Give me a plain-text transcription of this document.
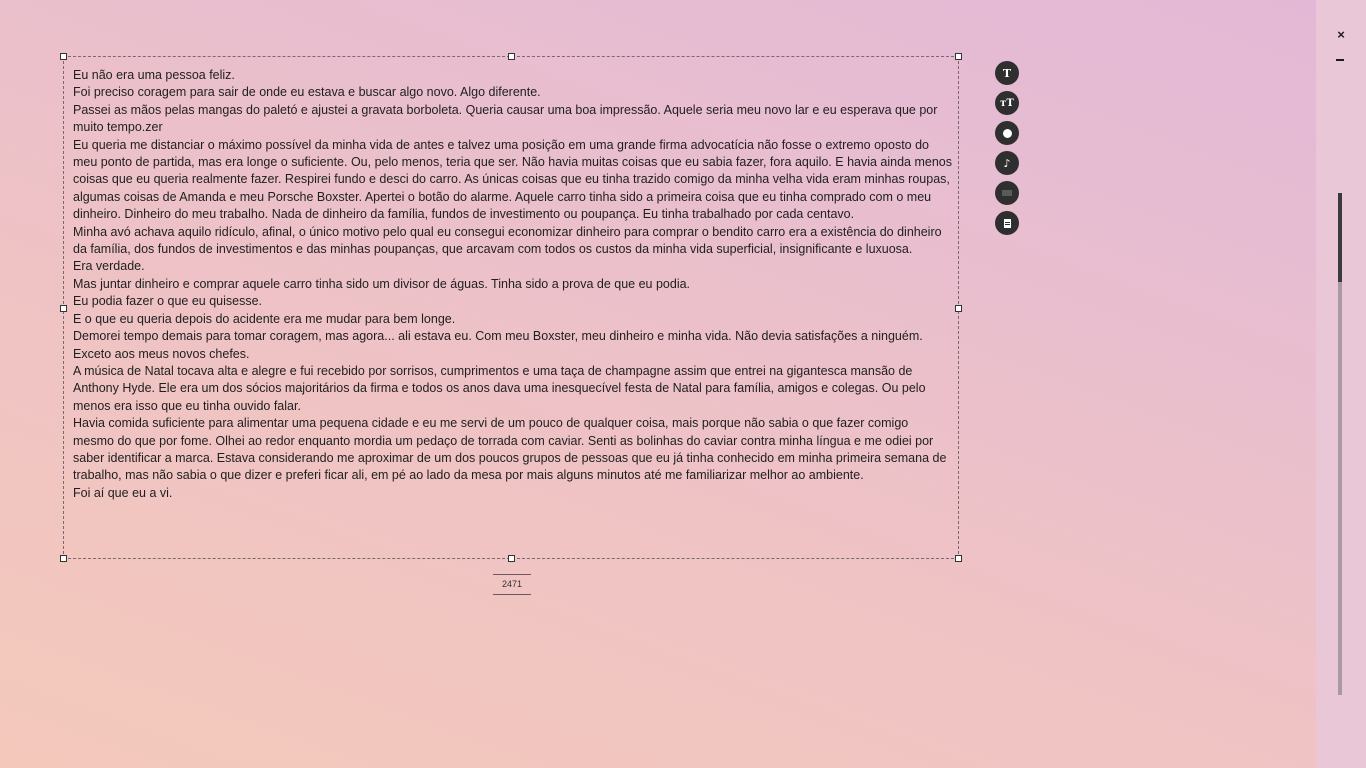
Eu não era uma pessoa feliz.

Foi preciso coragem para sair de onde eu estava e buscar algo novo. Algo diferente.

Passei as mãos pelas mangas do paletó e ajustei a gravata borboleta. Queria causar uma boa impressão. Aquele seria meu novo lar e eu esperava que por muito tempo.zer

Eu queria me distanciar o máximo possível da minha vida de antes e talvez uma posição em uma grande firma advocatícia não fosse o extremo oposto do meu ponto de partida, mas era longe o suficiente. Ou, pelo menos, teria que ser. Não havia muitas coisas que eu sabia fazer, fora aquilo. E havia ainda menos coisas que eu queria realmente fazer. Respirei fundo e desci do carro. As únicas coisas que eu tinha trazido comigo da minha velha vida eram minhas roupas, algumas coisas de Amanda e meu Porsche Boxster. Apertei o botão do alarme. Aquele carro tinha sido a primeira coisa que eu tinha comprado com o meu dinheiro. Dinheiro do meu trabalho. Nada de dinheiro da família, fundos de investimento ou poupança. Eu tinha trabalhado por cada centavo.

Minha avó achava aquilo ridículo, afinal, o único motivo pelo qual eu consegui economizar dinheiro para comprar o bendito carro era a existência do dinheiro da família, dos fundos de investimentos e das minhas poupanças, que arcavam com todos os custos da minha vida superficial, insignificante e luxuosa.

Era verdade.

Mas juntar dinheiro e comprar aquele carro tinha sido um divisor de águas. Tinha sido a prova de que eu podia.

Eu podia fazer o que eu quisesse.

E o que eu queria depois do acidente era me mudar para bem longe.

Demorei tempo demais para tomar coragem, mas agora... ali estava eu. Com meu Boxster, meu dinheiro e minha vida. Não devia satisfações a ninguém. Exceto aos meus novos chefes.

A música de Natal tocava alta e alegre e fui recebido por sorrisos, cumprimentos e uma taça de champagne assim que entrei na gigantesca mansão de Anthony Hyde. Ele era um dos sócios majoritários da firma e todos os anos dava uma inesquecível festa de Natal para família, amigos e colegas. Ou pelo menos era isso que eu tinha ouvido falar.

Havia comida suficiente para alimentar uma pequena cidade e eu me servi de um pouco de qualquer coisa, mais porque não sabia o que fazer comigo mesmo do que por fome. Olhei ao redor enquanto mordia um pedaço de torrada com caviar. Senti as bolinhas do caviar contra minha língua e me odiei por saber identificar a marca. Estava considerando me aproximar de um dos poucos grupos de pessoas que eu já tinha conhecido em minha primeira semana de trabalho, mas não sabia o que dizer e preferi ficar ali, em pé ao lado da mesa por mais alguns minutos até me familiarizar melhor ao ambiente.

Foi aí que eu a vi.

2471
T
ᴛT
♪
×
